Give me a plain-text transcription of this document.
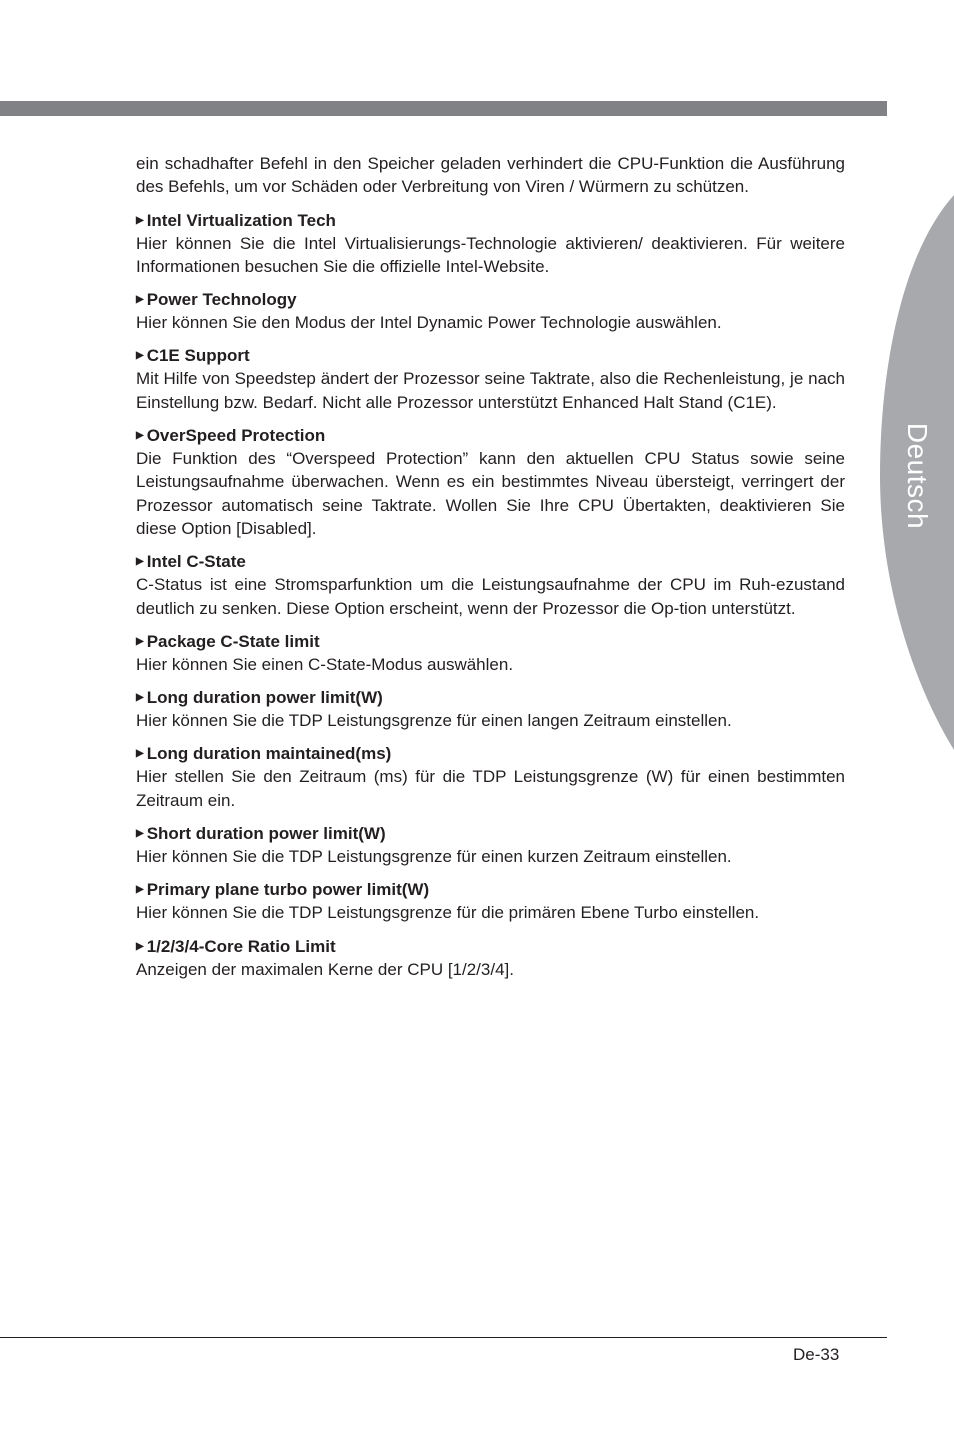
Deutsch

ein schadhafter Befehl in den Speicher geladen verhindert die CPU-Funktion die Ausführung des Befehls, um vor Schäden oder Verbreitung von Viren / Würmern zu schützen.

▶ Intel Virtualization Tech

Hier können Sie die Intel Virtualisierungs-Technologie aktivieren/ deaktivieren. Für weitere Informationen besuchen Sie die offizielle Intel-Website.

▶ Power Technology

Hier können Sie den Modus der Intel Dynamic Power Technologie auswählen.

▶ C1E Support

Mit Hilfe von Speedstep ändert der Prozessor seine Taktrate, also die Rechenleistung, je nach Einstellung bzw. Bedarf. Nicht alle Prozessor unterstützt Enhanced Halt Stand (C1E).

▶ OverSpeed Protection

Die Funktion des “Overspeed Protection” kann den aktuellen CPU Status sowie seine Leistungsaufnahme überwachen. Wenn es ein bestimmtes Niveau übersteigt, verringert der Prozessor automatisch seine Taktrate. Wollen Sie Ihre CPU Übertakten, deaktivieren Sie diese Option [Disabled].

▶ Intel C-State

C-Status ist eine Stromsparfunktion um die Leistungsaufnahme der CPU im Ruh-ezustand deutlich zu senken. Diese Option erscheint, wenn der Prozessor die Op-tion unterstützt.

▶ Package C-State limit

Hier können Sie einen C-State-Modus auswählen.

▶ Long duration power limit(W)

Hier können Sie die TDP Leistungsgrenze für einen langen Zeitraum einstellen.

▶ Long duration maintained(ms)

Hier stellen Sie den Zeitraum (ms) für die TDP Leistungsgrenze (W) für einen bestimmten Zeitraum ein.

▶ Short duration power limit(W)

Hier können Sie die TDP Leistungsgrenze für einen kurzen Zeitraum einstellen.

▶ Primary plane turbo power limit(W)

Hier können Sie die TDP Leistungsgrenze für die primären Ebene Turbo einstellen.

▶ 1/2/3/4-Core Ratio Limit

Anzeigen der maximalen Kerne der CPU [1/2/3/4].

De-33
